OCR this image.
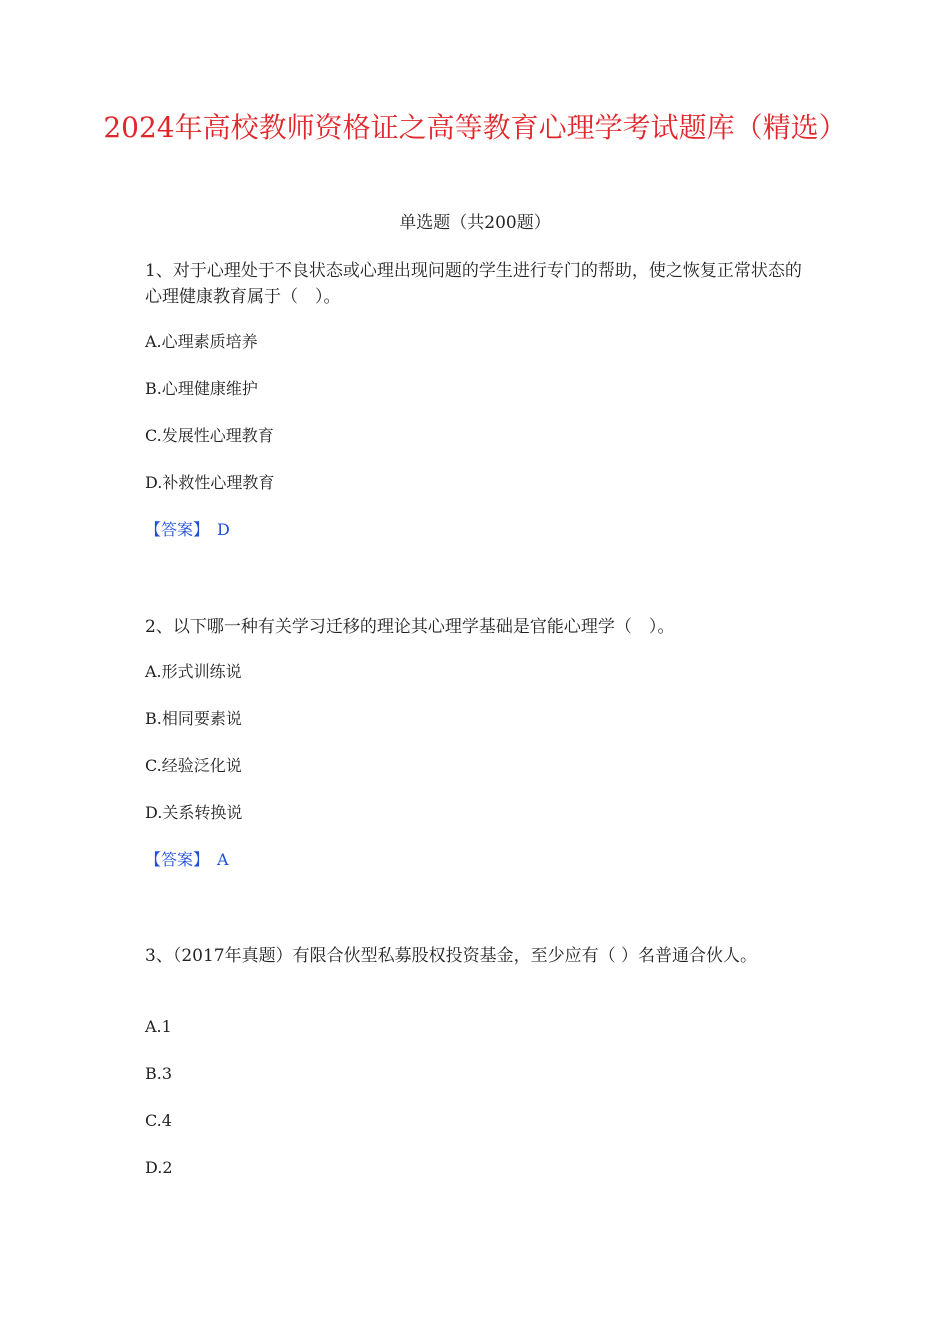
2024年高校教师资格证之高等教育心理学考试题库（精选）
单选题（共200题）
1、对于心理处于不良状态或心理出现问题的学生进行专门的帮助，使之恢复正常状态的心理健康教育属于（　）。
A.心理素质培养
B.心理健康维护
C.发展性心理教育
D.补救性心理教育
【答案】 D
2、以下哪一种有关学习迁移的理论其心理学基础是官能心理学（　）。
A.形式训练说
B.相同要素说
C.经验泛化说
D.关系转换说
【答案】 A
3、（2017年真题）有限合伙型私募股权投资基金，至少应有（ ）名普通合伙人。
A.1
B.3
C.4
D.2
